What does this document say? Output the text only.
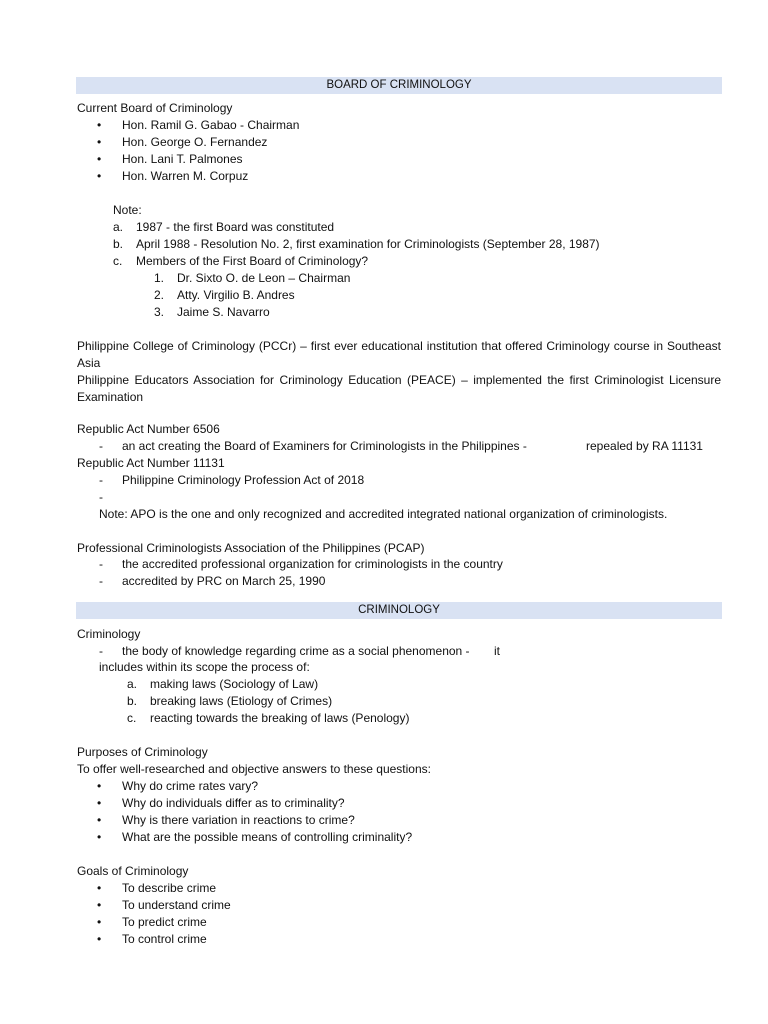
BOARD OF CRIMINOLOGY
Current Board of Criminology
• Hon. Ramil G. Gabao - Chairman
• Hon. George O. Fernandez
• Hon. Lani T. Palmones
• Hon. Warren M. Corpuz
Note:
a. 1987 - the first Board was constituted
b. April 1988 - Resolution No. 2, first examination for Criminologists (September 28, 1987)
c. Members of the First Board of Criminology?
1. Dr. Sixto O. de Leon – Chairman
2. Atty. Virgilio B. Andres
3. Jaime S. Navarro
Philippine College of Criminology (PCCr) – first ever educational institution that offered Criminology course in Southeast Asia
Philippine Educators Association for Criminology Education (PEACE) – implemented the first Criminologist Licensure Examination
Republic Act Number 6506
- an act creating the Board of Examiners for Criminologists in the Philippines -	repealed by RA 11131
Republic Act Number 11131
- Philippine Criminology Profession Act of 2018
-
Note: APO is the one and only recognized and accredited integrated national organization of criminologists.
Professional Criminologists Association of the Philippines (PCAP)
- the accredited professional organization for criminologists in the country
- accredited by PRC on March 25, 1990
CRIMINOLOGY
Criminology
- the body of knowledge regarding crime as a social phenomenon - it
includes within its scope the process of:
a. making laws (Sociology of Law)
b. breaking laws (Etiology of Crimes)
c. reacting towards the breaking of laws (Penology)
Purposes of Criminology
To offer well-researched and objective answers to these questions:
• Why do crime rates vary?
• Why do individuals differ as to criminality?
• Why is there variation in reactions to crime?
• What are the possible means of controlling criminality?
Goals of Criminology
• To describe crime
• To understand crime
• To predict crime
• To control crime
